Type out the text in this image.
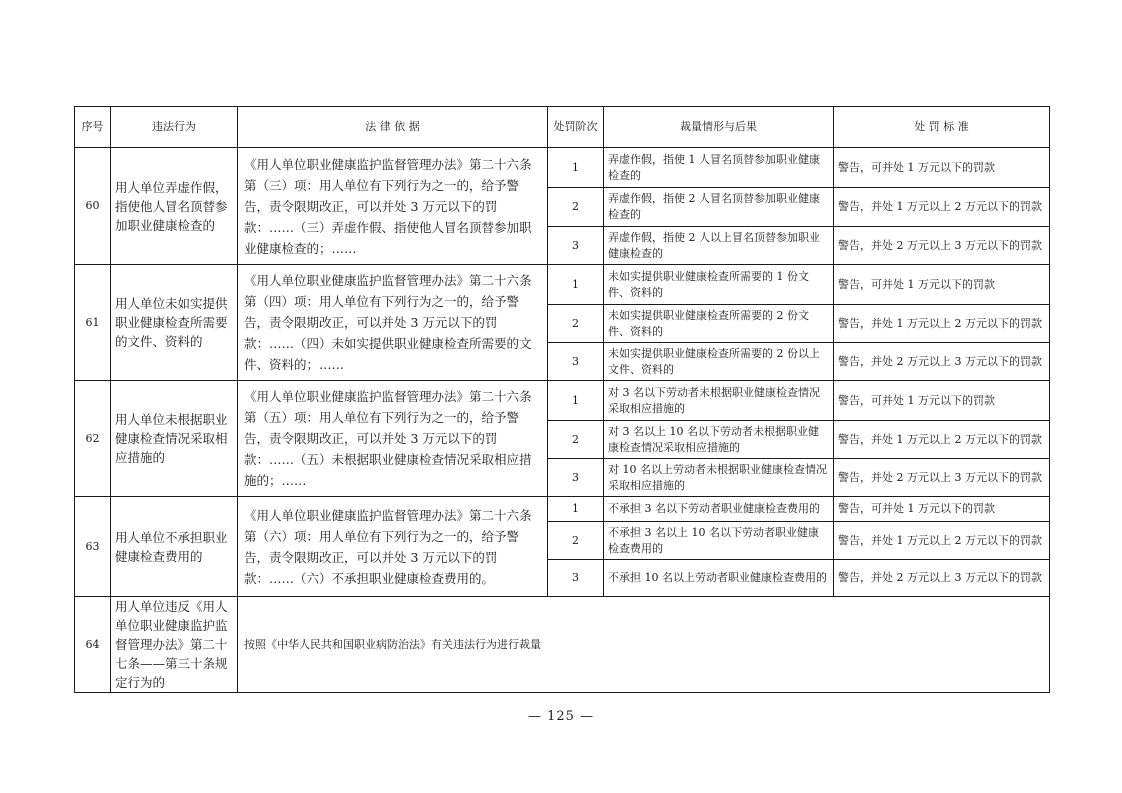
序号	违法行为	法 律 依 据	处罚阶次	裁量情形与后果	处 罚 标 准
60	用人单位弄虚作假，指使他人冒名顶替参加职业健康检查的	《用人单位职业健康监护监督管理办法》第二十六条第（三）项：用人单位有下列行为之一的，给予警告，责令限期改正，可以并处 3 万元以下的罚款：……（三）弄虚作假、指使他人冒名顶替参加职业健康检查的；……	1	弄虚作假，指使 1 人冒名顶替参加职业健康检查的	警告，可并处 1 万元以下的罚款
			2	弄虚作假，指使 2 人冒名顶替参加职业健康检查的	警告，并处 1 万元以上 2 万元以下的罚款
			3	弄虚作假，指使 2 人以上冒名顶替参加职业健康检查的	警告，并处 2 万元以上 3 万元以下的罚款
61	用人单位未如实提供职业健康检查所需要的文件、资料的	《用人单位职业健康监护监督管理办法》第二十六条第（四）项：用人单位有下列行为之一的，给予警告，责令限期改正，可以并处 3 万元以下的罚款：……（四）未如实提供职业健康检查所需要的文件、资料的；……	1	未如实提供职业健康检查所需要的 1 份文件、资料的	警告，可并处 1 万元以下的罚款
			2	未如实提供职业健康检查所需要的 2 份文件、资料的	警告，并处 1 万元以上 2 万元以下的罚款
			3	未如实提供职业健康检查所需要的 2 份以上文件、资料的	警告，并处 2 万元以上 3 万元以下的罚款
62	用人单位未根据职业健康检查情况采取相应措施的	《用人单位职业健康监护监督管理办法》第二十六条第（五）项：用人单位有下列行为之一的，给予警告，责令限期改正，可以并处 3 万元以下的罚款：……（五）未根据职业健康检查情况采取相应措施的；……	1	对 3 名以下劳动者未根据职业健康检查情况采取相应措施的	警告，可并处 1 万元以下的罚款
			2	对 3 名以上 10 名以下劳动者未根据职业健康检查情况采取相应措施的	警告，并处 1 万元以上 2 万元以下的罚款
			3	对 10 名以上劳动者未根据职业健康检查情况采取相应措施的	警告，并处 2 万元以上 3 万元以下的罚款
63	用人单位不承担职业健康检查费用的	《用人单位职业健康监护监督管理办法》第二十六条第（六）项：用人单位有下列行为之一的，给予警告，责令限期改正，可以并处 3 万元以下的罚款：……（六）不承担职业健康检查费用的。	1	不承担 3 名以下劳动者职业健康检查费用的	警告，可并处 1 万元以下的罚款
			2	不承担 3 名以上 10 名以下劳动者职业健康检查费用的	警告，并处 1 万元以上 2 万元以下的罚款
			3	不承担 10 名以上劳动者职业健康检查费用的	警告，并处 2 万元以上 3 万元以下的罚款
64	用人单位违反《用人单位职业健康监护监督管理办法》第二十七条——第三十条规定行为的	按照《中华人民共和国职业病防治法》有关违法行为进行裁量			
— 125 —
